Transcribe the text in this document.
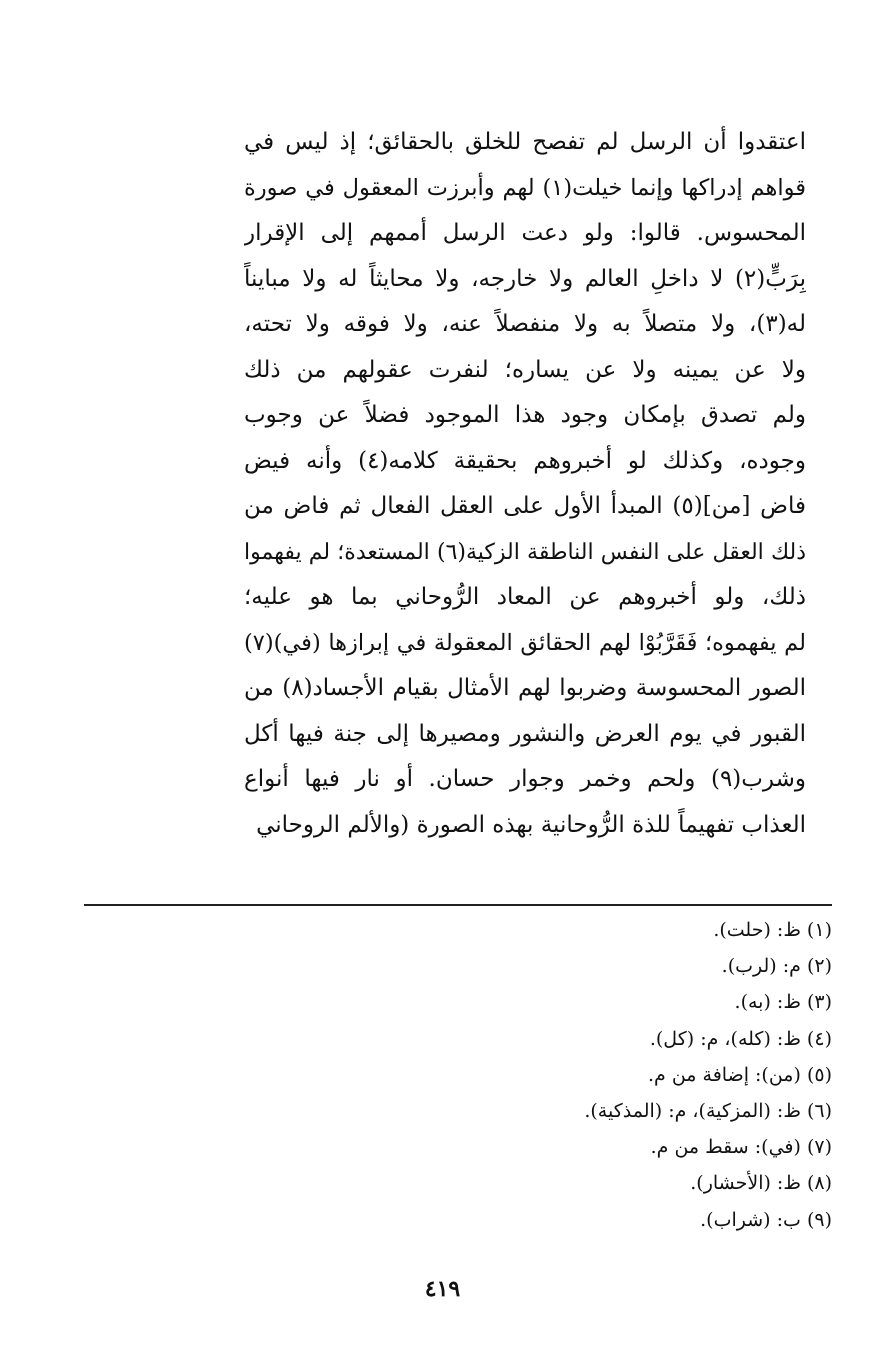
اعتقدوا أن الرسل لم تفصح للخلق بالحقائق؛ إذ ليس في
قواهم إدراكها وإنما خيلت(١) لهم وأبرزت المعقول في صورة
المحسوس. قالوا: ولو دعت الرسل أممهم إلى الإقرار
بِرَبٍّ(٢) لا داخلِ العالم ولا خارجه، ولا محايثاً له ولا مبايناً
له(٣)، ولا متصلاً به ولا منفصلاً عنه، ولا فوقه ولا تحته،
ولا عن يمينه ولا عن يساره؛ لنفرت عقولهم من ذلك
ولم تصدق بإمكان وجود هذا الموجود فضلاً عن وجوب
وجوده، وكذلك لو أخبروهم بحقيقة كلامه(٤) وأنه فيض
فاض [من](٥) المبدأ الأول على العقل الفعال ثم فاض من
ذلك العقل على النفس الناطقة الزكية(٦) المستعدة؛ لم يفهموا
ذلك، ولو أخبروهم عن المعاد الرُّوحاني بما هو عليه؛
لم يفهموه؛ فَقَرَّبُوْا لهم الحقائق المعقولة في إبرازها (في)(٧)
الصور المحسوسة وضربوا لهم الأمثال بقيام الأجساد(٨) من
القبور في يوم العرض والنشور ومصيرها إلى جنة فيها أكل
وشرب(٩) ولحم وخمر وجوار حسان. أو نار فيها أنواع
العذاب تفهيماً للذة الرُّوحانية بهذه الصورة (والألم الروحاني
(١) ظ: (حلت).
(٢) م: (لرب).
(٣) ظ: (به).
(٤) ظ: (كله)، م: (كل).
(٥) (من): إضافة من م.
(٦) ظ: (المزكية)، م: (المذكية).
(٧) (في): سقط من م.
(٨) ظ: (الأحشار).
(٩) ب: (شراب).
٤١٩
